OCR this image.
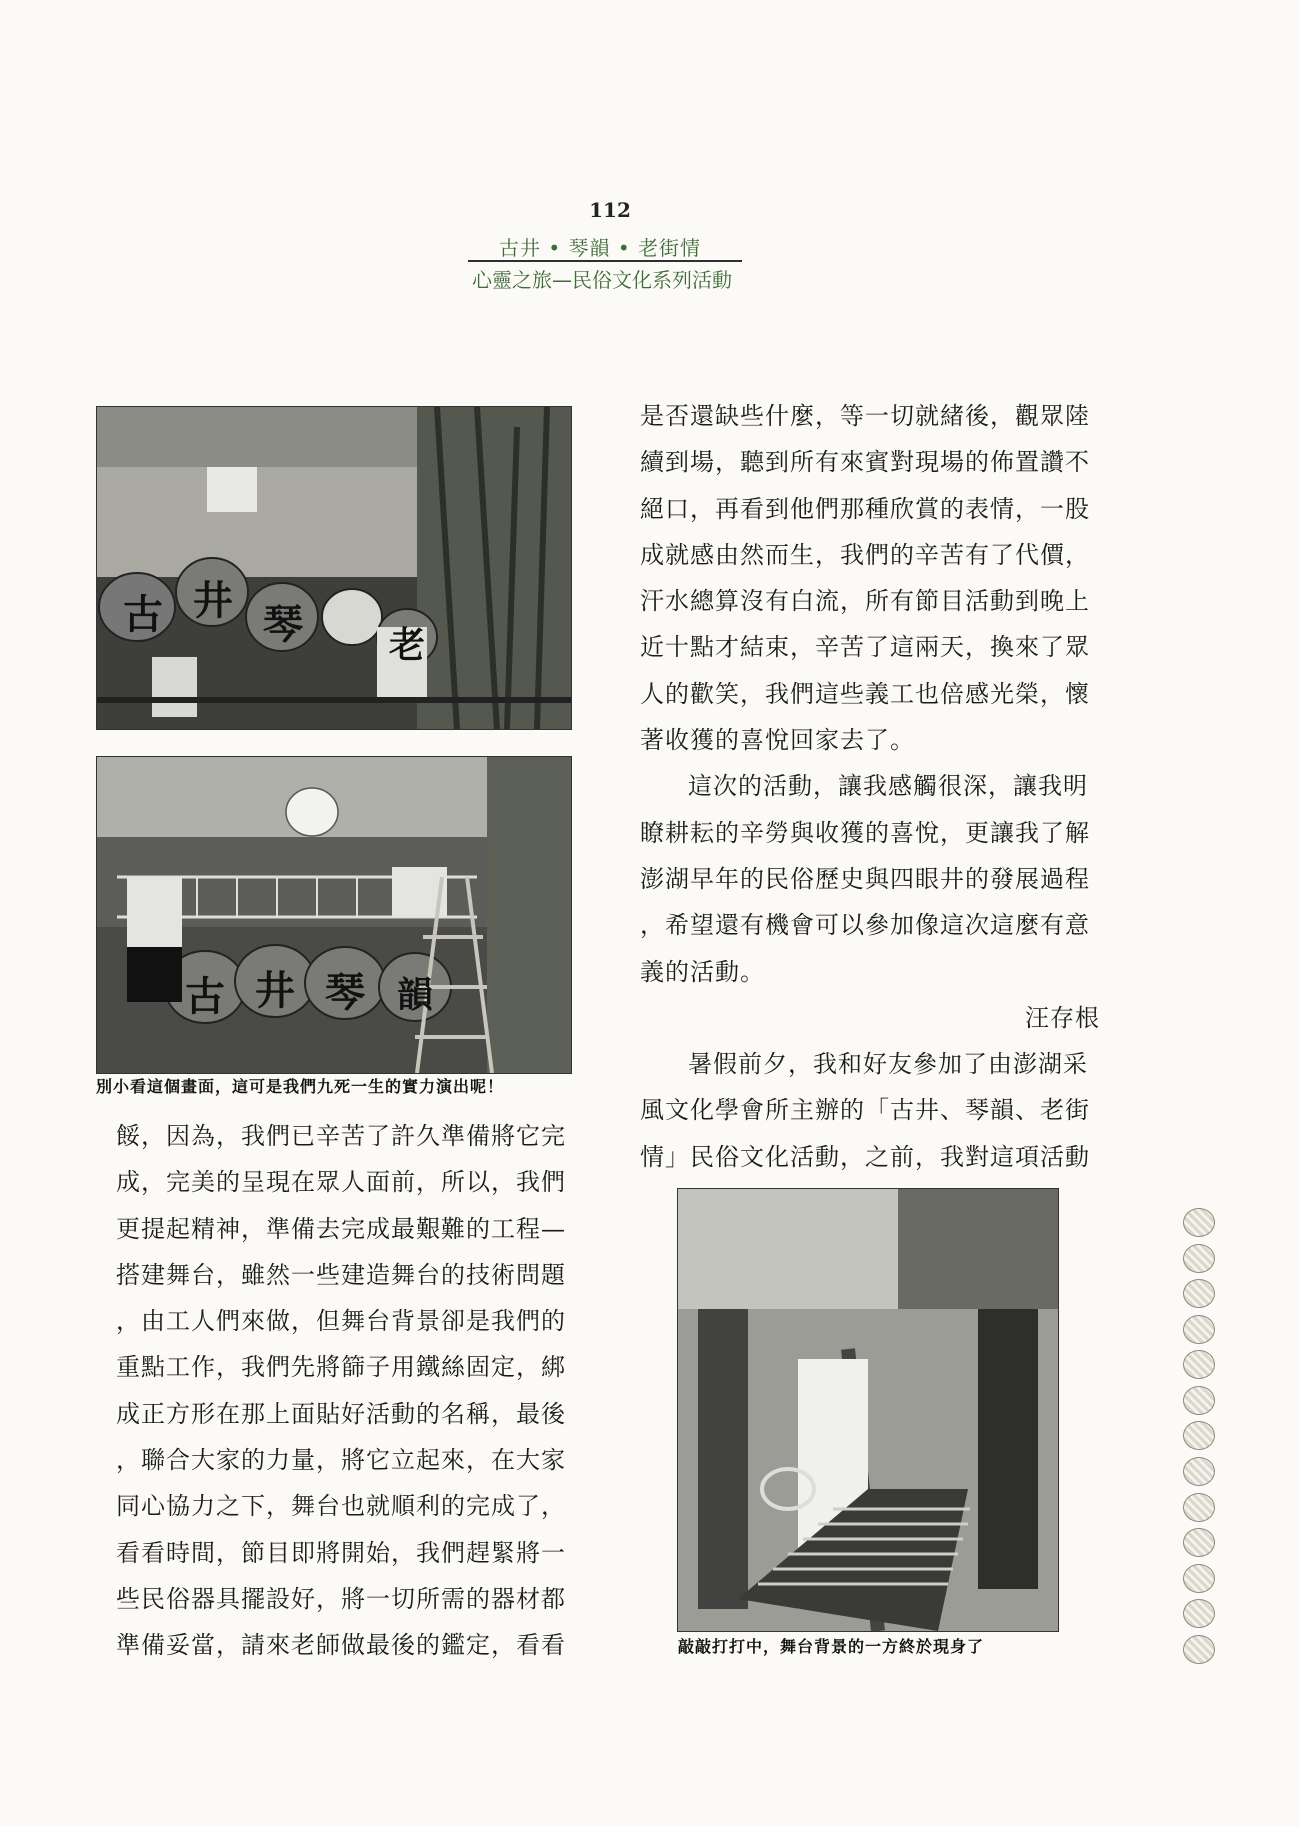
112
古井 • 琴韻 • 老街情
心靈之旅—民俗文化系列活動
古 井
琴 老
古 井 琴 韻
別小看這個畫面，這可是我們九死一生的實力演出呢！
敲敲打打中，舞台背景的一方終於現身了

餒，因為，我們已辛苦了許久準備將它完

成，完美的呈現在眾人面前，所以，我們

更提起精神，準備去完成最艱難的工程—

搭建舞台，雖然一些建造舞台的技術問題

，由工人們來做，但舞台背景卻是我們的

重點工作，我們先將篩子用鐵絲固定，綁

成正方形在那上面貼好活動的名稱，最後

，聯合大家的力量，將它立起來，在大家

同心協力之下，舞台也就順利的完成了，

看看時間，節目即將開始，我們趕緊將一

些民俗器具擺設好，將一切所需的器材都

準備妥當，請來老師做最後的鑑定，看看

是否還缺些什麼，等一切就緒後，觀眾陸

續到場，聽到所有來賓對現場的佈置讚不

絕口，再看到他們那種欣賞的表情，一股

成就感由然而生，我們的辛苦有了代價，

汗水總算沒有白流，所有節目活動到晚上

近十點才結束，辛苦了這兩天，換來了眾

人的歡笑，我們這些義工也倍感光榮，懷

著收獲的喜悅回家去了。

這次的活動，讓我感觸很深，讓我明

瞭耕耘的辛勞與收獲的喜悅，更讓我了解

澎湖早年的民俗歷史與四眼井的發展過程

，希望還有機會可以參加像這次這麼有意

義的活動。

汪存根

暑假前夕，我和好友參加了由澎湖采

風文化學會所主辦的「古井、琴韻、老街

情」民俗文化活動，之前，我對這項活動
